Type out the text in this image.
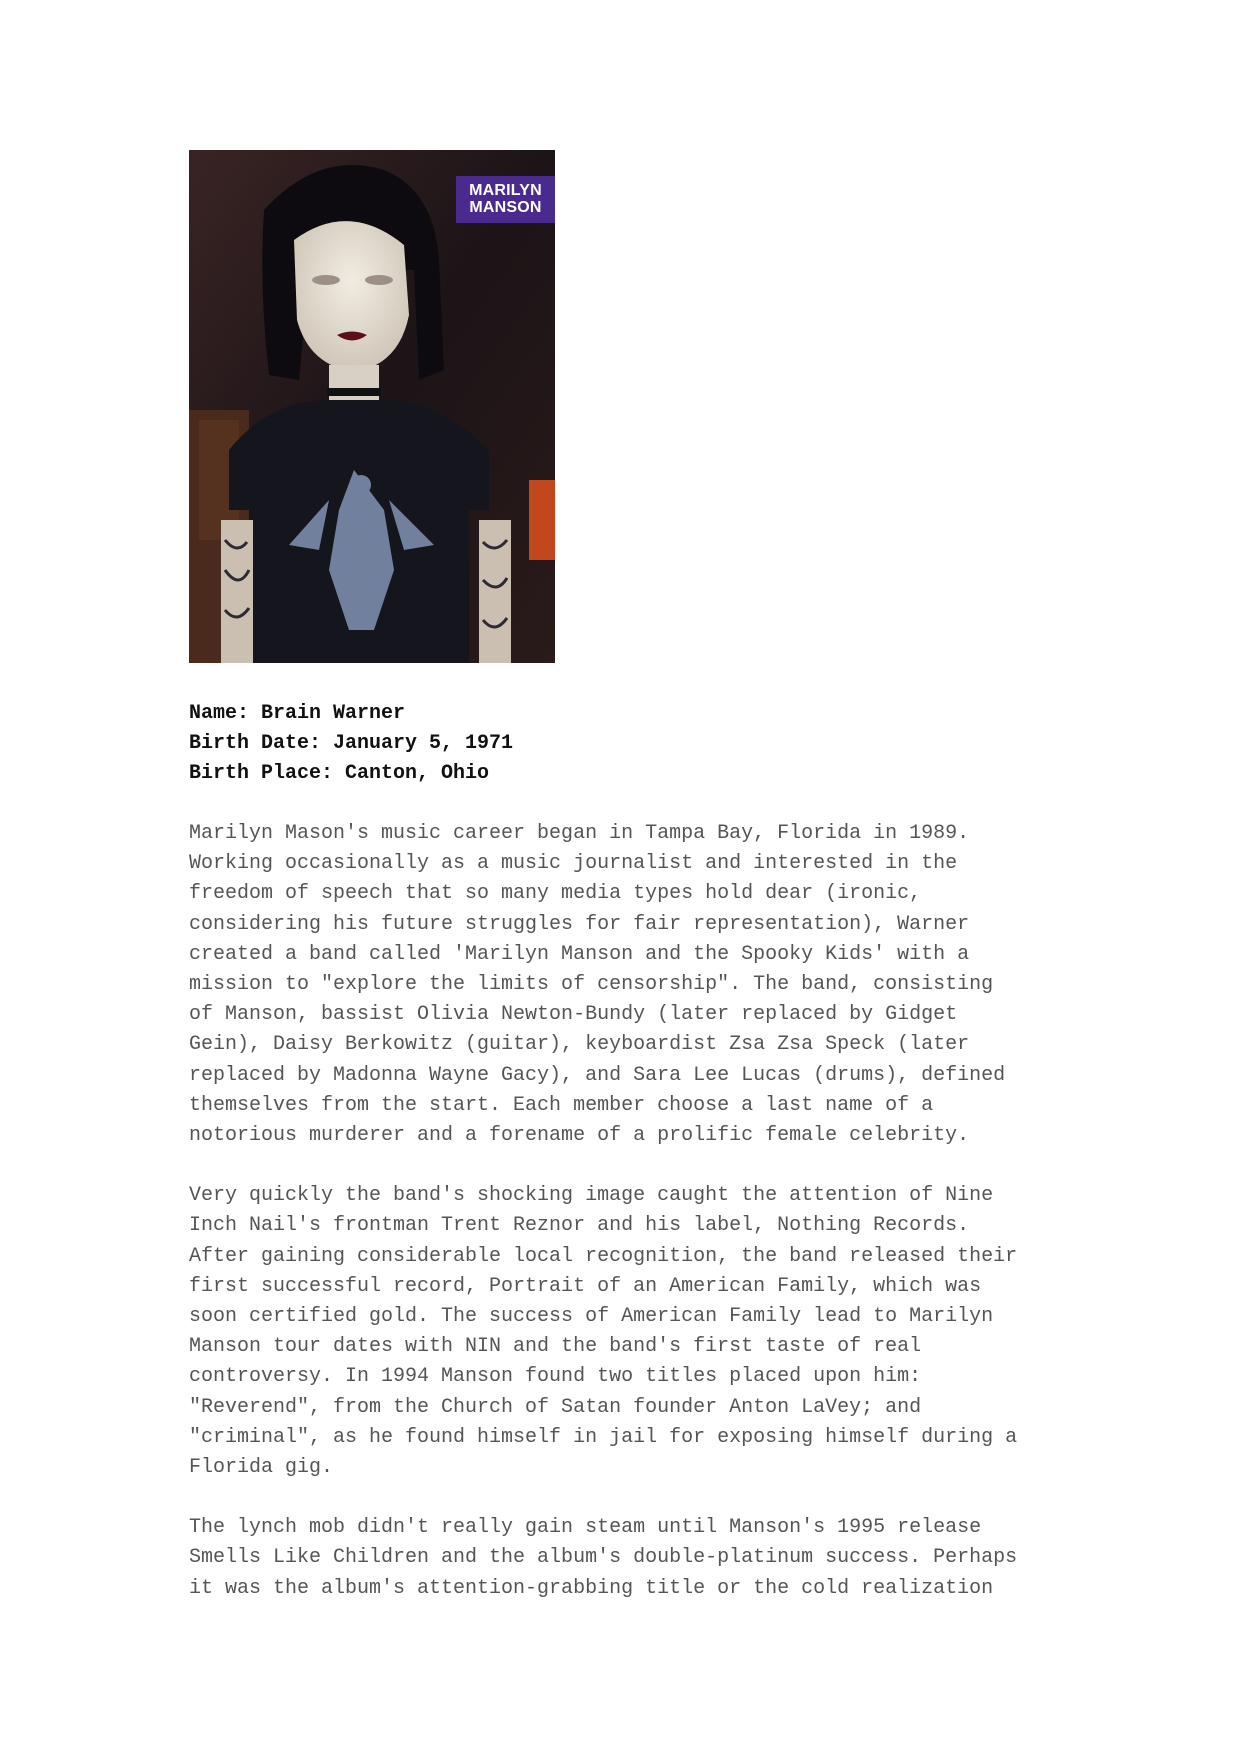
MARILYN
MANSON
Name: Brain Warner
Birth Date: January 5, 1971
Birth Place: Canton, Ohio

Marilyn Mason's music career began in Tampa Bay, Florida in 1989.
Working occasionally as a music journalist and interested in the
freedom of speech that so many media types hold dear (ironic,
considering his future struggles for fair representation), Warner
created a band called 'Marilyn Manson and the Spooky Kids' with a
mission to "explore the limits of censorship". The band, consisting
of Manson, bassist Olivia Newton-Bundy (later replaced by Gidget
Gein), Daisy Berkowitz (guitar), keyboardist Zsa Zsa Speck (later
replaced by Madonna Wayne Gacy), and Sara Lee Lucas (drums), defined
themselves from the start. Each member choose a last name of a
notorious murderer and a forename of a prolific female celebrity.

Very quickly the band's shocking image caught the attention of Nine
Inch Nail's frontman Trent Reznor and his label, Nothing Records.
After gaining considerable local recognition, the band released their
first successful record, Portrait of an American Family, which was
soon certified gold. The success of American Family lead to Marilyn
Manson tour dates with NIN and the band's first taste of real
controversy. In 1994 Manson found two titles placed upon him:
"Reverend", from the Church of Satan founder Anton LaVey; and
"criminal", as he found himself in jail for exposing himself during a
Florida gig.

The lynch mob didn't really gain steam until Manson's 1995 release
Smells Like Children and the album's double-platinum success. Perhaps
it was the album's attention-grabbing title or the cold realization
